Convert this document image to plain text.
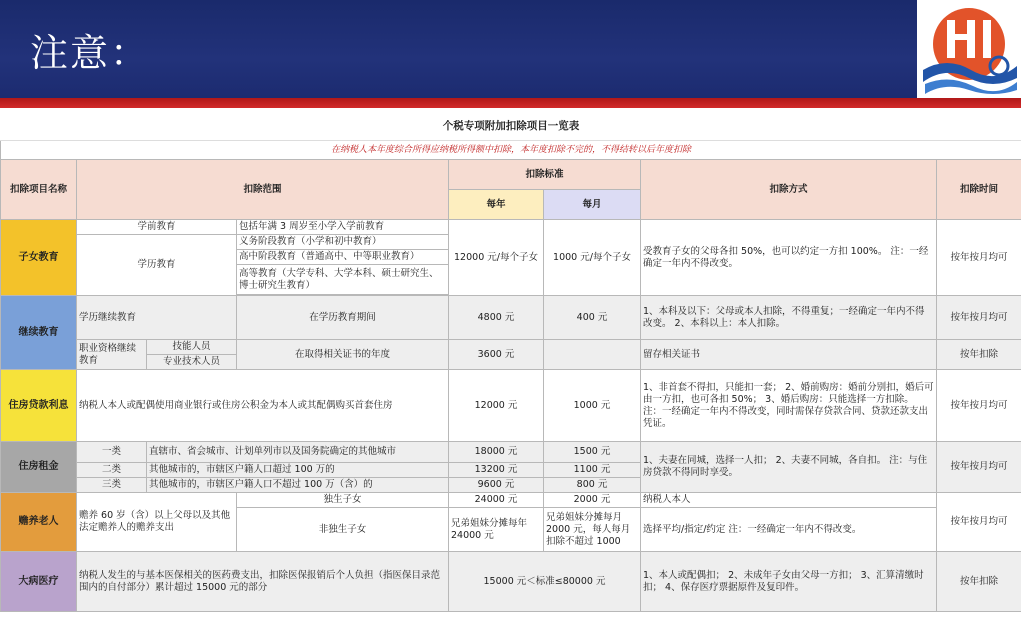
注意：
个税专项附加扣除项目一览表							
在纳税人本年度综合所得应纳税所得额中扣除，本年度扣除不完的，不得结转以后年度扣除							
扣除项目名称	扣除范围			扣除标准		扣除方式	扣除时间
				每年	每月		
子女教育	学前教育		包括年满 3 周岁至小学入学前教育	12000 元/每个子女	1000 元/每个子女	受教育子女的父母各扣 50%，也可以约定一方扣 100%。 注：一经确定一年内不得改变。	按年按月均可
	学历教育		义务阶段教育（小学和初中教育）				
			高中阶段教育（普通高中、中等职业教育）				
			高等教育（大学专科、大学本科、硕士研究生、博士研究生教育）				

继续教育	学历继续教育		在学历教育期间	4800 元	400 元	1、本科及以下：父母或本人扣除，不得重复；一经确定一年内不得改变。 2、本科以上：本人扣除。	按年按月均可
	职业资格继续教育	技能人员	在取得相关证书的年度	3600 元		留存相关证书	按年扣除
		专业技术人员					
住房贷款利息	纳税人本人或配偶使用商业银行或住房公积金为本人或其配偶购买首套住房			12000 元	1000 元	1、非首套不得扣，只能扣一套； 2、婚前购房：婚前分别扣，婚后可由一方扣，也可各扣 50%； 3、婚后购房：只能选择一方扣除。 注：一经确定一年内不得改变，同时需保存贷款合同、贷款还款支出凭证。	按年按月均可
住房租金	一类	直辖市、省会城市、计划单列市以及国务院确定的其他城市		18000 元	1500 元	1、夫妻在同城，选择一人扣； 2、夫妻不同城，各自扣。 注：与住房贷款不得同时享受。	按年按月均可
	二类	其他城市的，市辖区户籍人口超过 100 万的		13200 元	1100 元		
	三类	其他城市的，市辖区户籍人口不超过 100 万（含）的		9600 元	800 元		
赡养老人	赡养 60 岁（含）以上父母以及其他法定赡养人的赡养支出		独生子女	24000 元	2000 元	纳税人本人	按年按月均可
			非独生子女	兄弟姐妹分摊每年 24000 元	兄弟姐妹分摊每月 2000 元，每人每月扣除不超过 1000	选择平均/指定/约定 注：一经确定一年内不得改变。	
大病医疗	纳税人发生的与基本医保相关的医药费支出，扣除医保报销后个人负担（指医保目录范围内的自付部分）累计超过 15000 元的部分			15000 元＜标准≤80000 元		1、本人或配偶扣； 2、未成年子女由父母一方扣； 3、汇算清缴时扣； 4、保存医疗票据原件及复印件。	按年扣除
